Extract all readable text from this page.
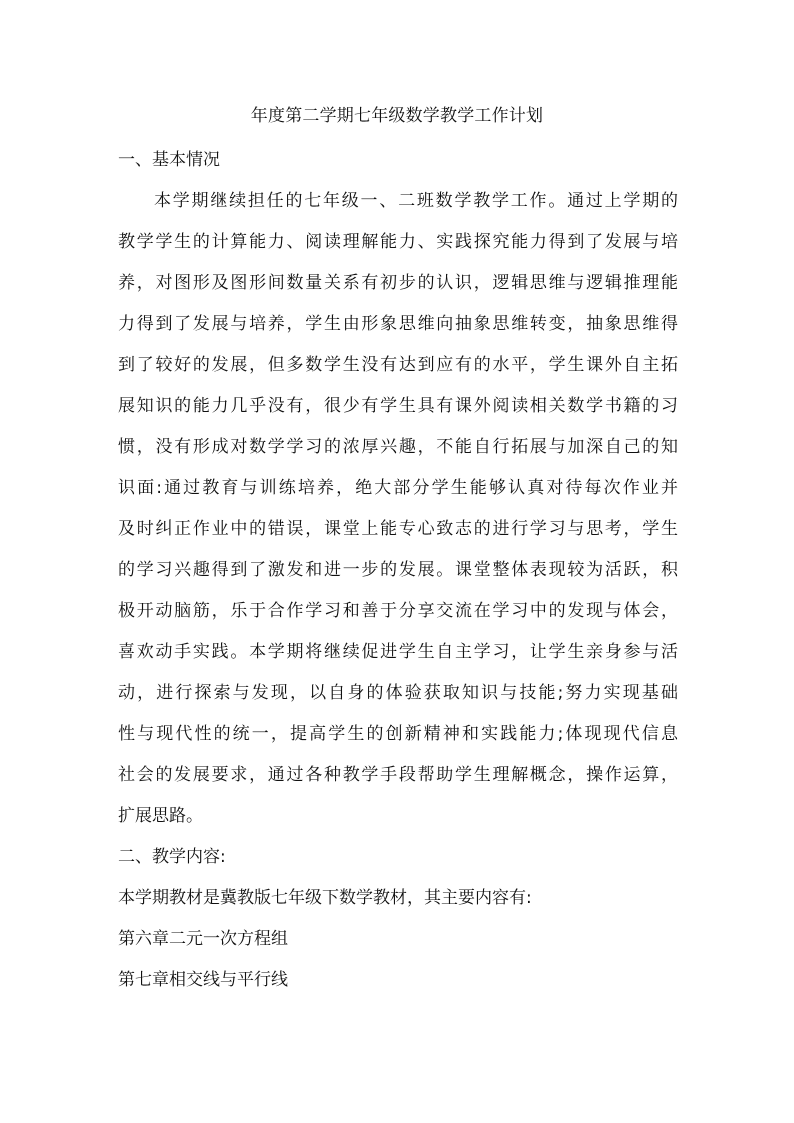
年度第二学期七年级数学教学工作计划
一、基本情况
本学期继续担任的七年级一、二班数学教学工作。通过上学期的
教学学生的计算能力、阅读理解能力、实践探究能力得到了发展与培
养，对图形及图形间数量关系有初步的认识，逻辑思维与逻辑推理能
力得到了发展与培养，学生由形象思维向抽象思维转变，抽象思维得
到了较好的发展，但多数学生没有达到应有的水平，学生课外自主拓
展知识的能力几乎没有，很少有学生具有课外阅读相关数学书籍的习
惯，没有形成对数学学习的浓厚兴趣，不能自行拓展与加深自己的知
识面:通过教育与训练培养，绝大部分学生能够认真对待每次作业并
及时纠正作业中的错误，课堂上能专心致志的进行学习与思考，学生
的学习兴趣得到了激发和进一步的发展。课堂整体表现较为活跃，积
极开动脑筋，乐于合作学习和善于分享交流在学习中的发现与体会，
喜欢动手实践。本学期将继续促进学生自主学习，让学生亲身参与活
动，进行探索与发现，以自身的体验获取知识与技能;努力实现基础
性与现代性的统一，提高学生的创新精神和实践能力;体现现代信息
社会的发展要求，通过各种教学手段帮助学生理解概念，操作运算，
扩展思路。
二、教学内容:
本学期教材是冀教版七年级下数学教材，其主要内容有:
第六章二元一次方程组
第七章相交线与平行线
